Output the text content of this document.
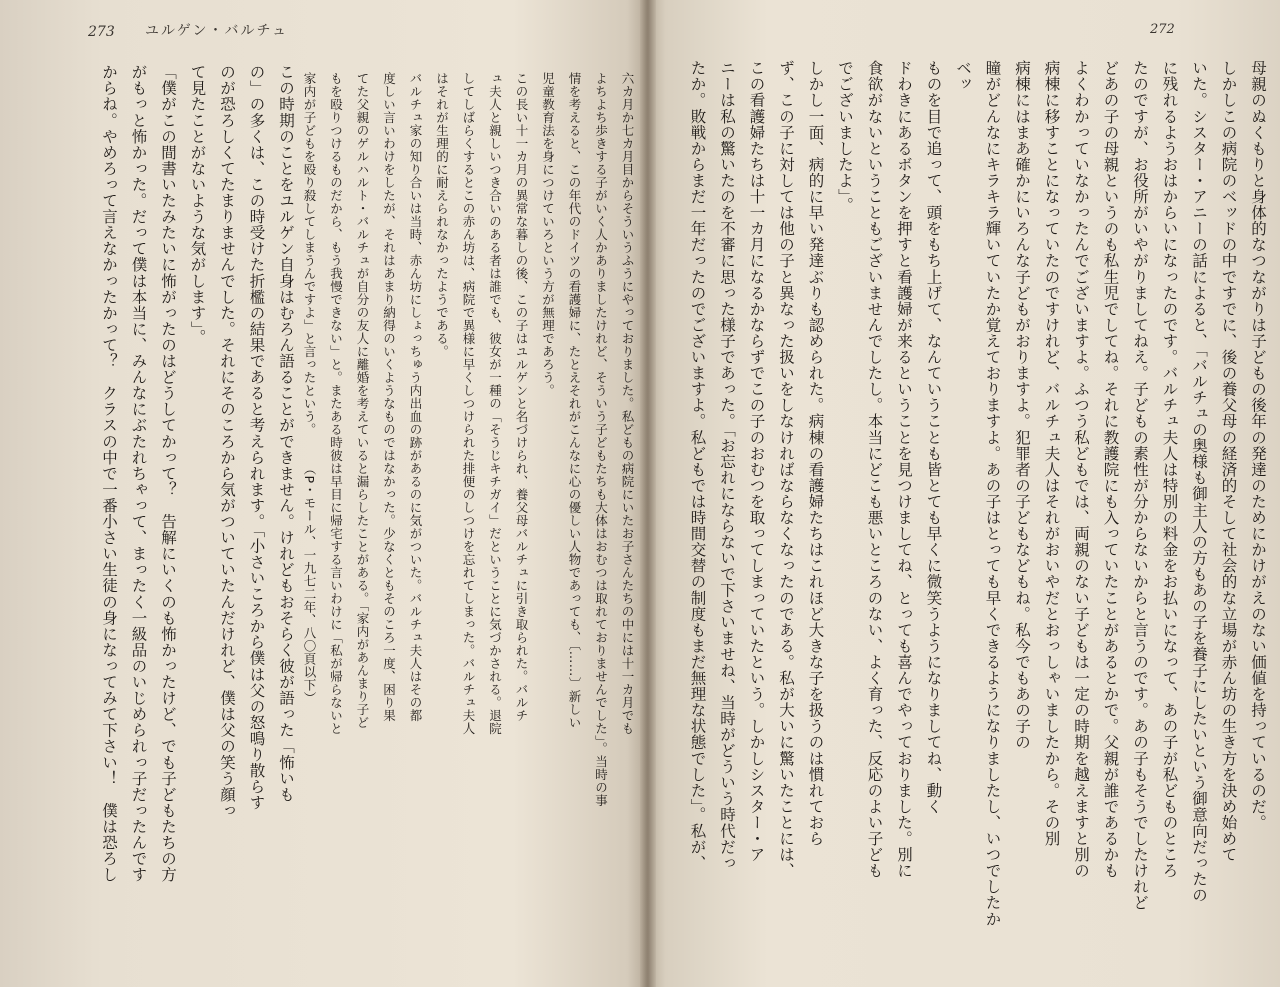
273 ユルゲン・バルチュ	272

母親のぬくもりと身体的なつながりは子どもの後年の発達のためにかけがえのない価値を持っているのだ。

しかしこの病院のベッドの中ですでに、後の養父母の経済的そして社会的な立場が赤ん坊の生き方を決め始めて

いた。シスター・アニーの話によると、「バルチュの奥様も御主人の方もあの子を養子にしたいという御意向だったの

に残れるようおはからいになったのです。バルチュ夫人は特別の料金をお払いになって、あの子が私どものところ

たのですが、お役所がいやがりましてねえ。子どもの素性が分からないからと言うのです。あの子もそうでしたけれど

どあの子の母親というのも私生児でしてね。それに教護院にも入っていたことがあるとかで。父親が誰であるかも

よくわかっていなかったんでございますよ。ふつう私どもでは、両親のない子どもは一定の時期を越えますと別の

病棟に移すことになっていたのですけれど、バルチュ夫人はそれがおいやだとおっしゃいましたから。その別

病棟にはまあ確かにいろんな子どもがおりますよ。犯罪者の子どもなどもね。私今でもあの子の

瞳がどんなにキラキラ輝いていたか覚えておりますよ。あの子はとっても早くできるようになりましたし、いつでしたかベッ

ものを目で追って、頭をもち上げて、なんていうことも皆とても早くに微笑うようになりましてね、動く

ドわきにあるボタンを押すと看護婦が来るということを見つけましてね、とっても喜んでやっておりました。別に

食欲がないということもございませんでしたし。本当にどこも悪いところのない、よく育った、反応のよい子ども

でございましたよ」。

しかし一面、病的に早い発達ぶりも認められた。病棟の看護婦たちはこれほど大きな子を扱うのは慣れておら

ず、この子に対しては他の子と異なった扱いをしなければならなくなったのである。私が大いに驚いたことには、

この看護婦たちは十一カ月になるかならずでこの子のおむつを取ってしまっていたという。しかしシスター・ア

ニーは私の驚いたのを不審に思った様子であった。「お忘れにならないで下さいませね、当時がどういう時代だっ

たか。敗戦からまだ一年だったのでございますよ。私どもでは時間交替の制度もまだ無理な状態でした」。私が、

六カ月か七カ月目からそういうふうにやっておりました。私どもの病院にいたお子さんたちの中には十一カ月でも

よちよち歩きする子がいく人かありましたけれど、そういう子どもたちも大体はおむつは取れておりませんでした」。当時の事

情を考えると、この年代のドイツの看護婦に、たとえそれがこんなに心の優しい人物であっても、〔……〕新しい

児童教育法を身につけていろという方が無理であろう。

この長い十一カ月の異常な暮しの後、この子はユルゲンと名づけられ、養父母バルチュに引き取られた。バルチ

ュ夫人と親しいつき合いのある者は誰でも、彼女が一種の「そうじキチガイ」だということに気づかされる。退院

してしばらくするとこの赤ん坊は、病院で異様に早くしつけられた排便のしつけを忘れてしまった。バルチュ夫人

はそれが生理的に耐えられなかったようである。

バルチュ家の知り合いは当時、赤ん坊にしょっちゅう内出血の跡があるのに気がついた。バルチュ夫人はその都

度しい言いわけをしたが、それはあまり納得のいくようなものではなかった。少なくともそのころ一度、困り果

てた父親のゲルハルト・バルチュが自分の友人に離婚を考えていると漏らしたことがある。「家内があんまり子ど

もを殴りつけるものだから、もう我慢できない」と。またある時彼は早目に帰宅する言いわけに「私が帰らないと

家内が子どもを殴り殺してしまうんですよ」と言ったという。　　　（P・モール、一九七二年、八〇頁以下）

この時期のことをユルゲン自身はむろん語ることができません。けれどもおそらく彼が語った「怖いも

の」の多くは、この時受けた折檻の結果であると考えられます。「小さいころから僕は父の怒鳴り散らす

のが恐ろしくてたまりませんでした。それにそのころから気がついていたんだけれど、僕は父の笑う顔っ

て見たことがないような気がします」。

「僕がこの間書いたみたいに怖がったのはどうしてかって？　告解にいくのも怖かったけど、でも子どもたちの方

がもっと怖かった。だって僕は本当に、みんなにぶたれちゃって、まったく一級品のいじめられっ子だったんです

からね。やめろって言えなかったかって？　クラスの中で一番小さい生徒の身になってみて下さい！　僕は恐ろし
